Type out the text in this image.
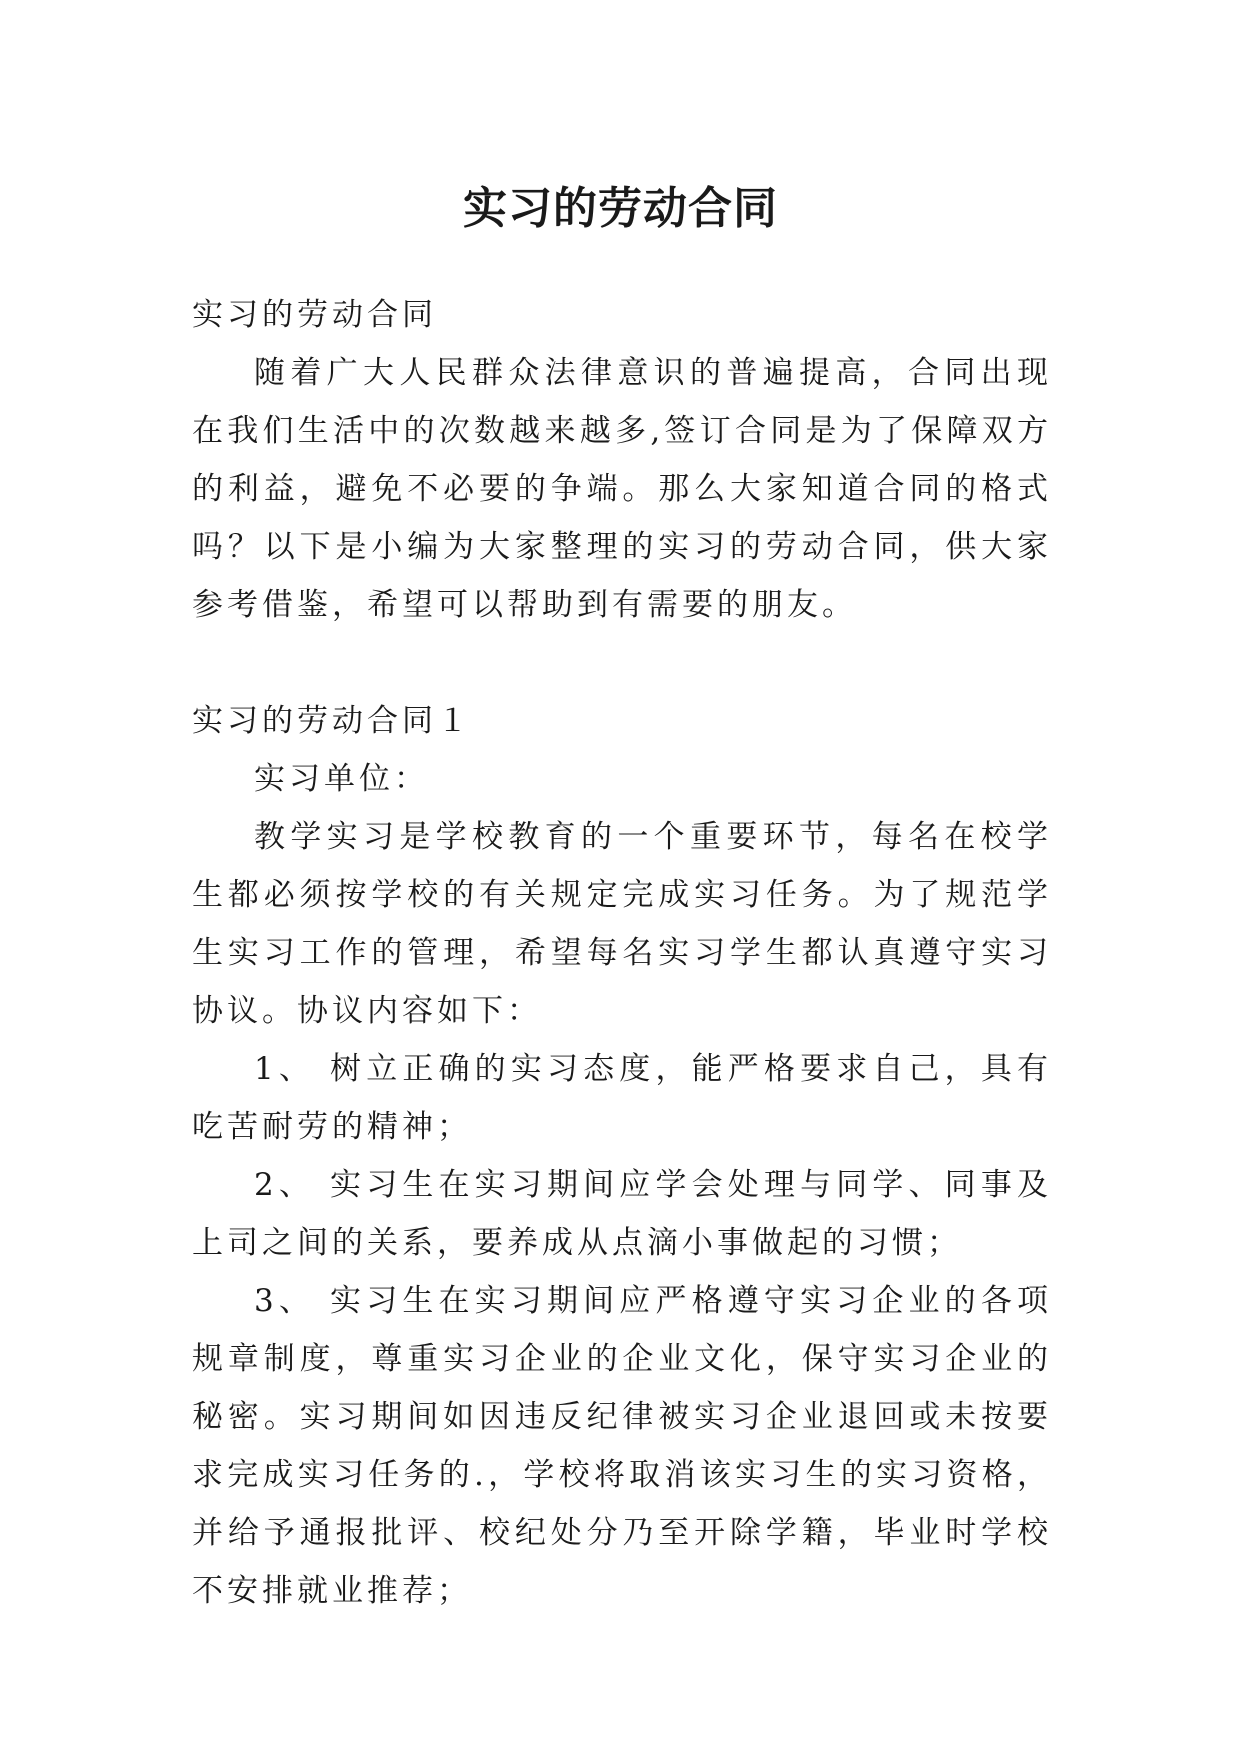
实习的劳动合同

实习的劳动合同

随着广大人民群众法律意识的普遍提高，合同出现在我们生活中的次数越来越多,签订合同是为了保障双方的利益，避免不必要的争端。那么大家知道合同的格式吗？以下是小编为大家整理的实习的劳动合同，供大家参考借鉴，希望可以帮助到有需要的朋友。

实习的劳动合同１

实习单位：

教学实习是学校教育的一个重要环节，每名在校学生都必须按学校的有关规定完成实习任务。为了规范学生实习工作的管理，希望每名实习学生都认真遵守实习协议。协议内容如下：

1、 树立正确的实习态度，能严格要求自己，具有吃苦耐劳的精神；

2、 实习生在实习期间应学会处理与同学、同事及上司之间的关系，要养成从点滴小事做起的习惯；

3、 实习生在实习期间应严格遵守实习企业的各项规章制度，尊重实习企业的企业文化，保守实习企业的秘密。实习期间如因违反纪律被实习企业退回或未按要求完成实习任务的.，学校将取消该实习生的实习资格，并给予通报批评、校纪处分乃至开除学籍，毕业时学校不安排就业推荐；
